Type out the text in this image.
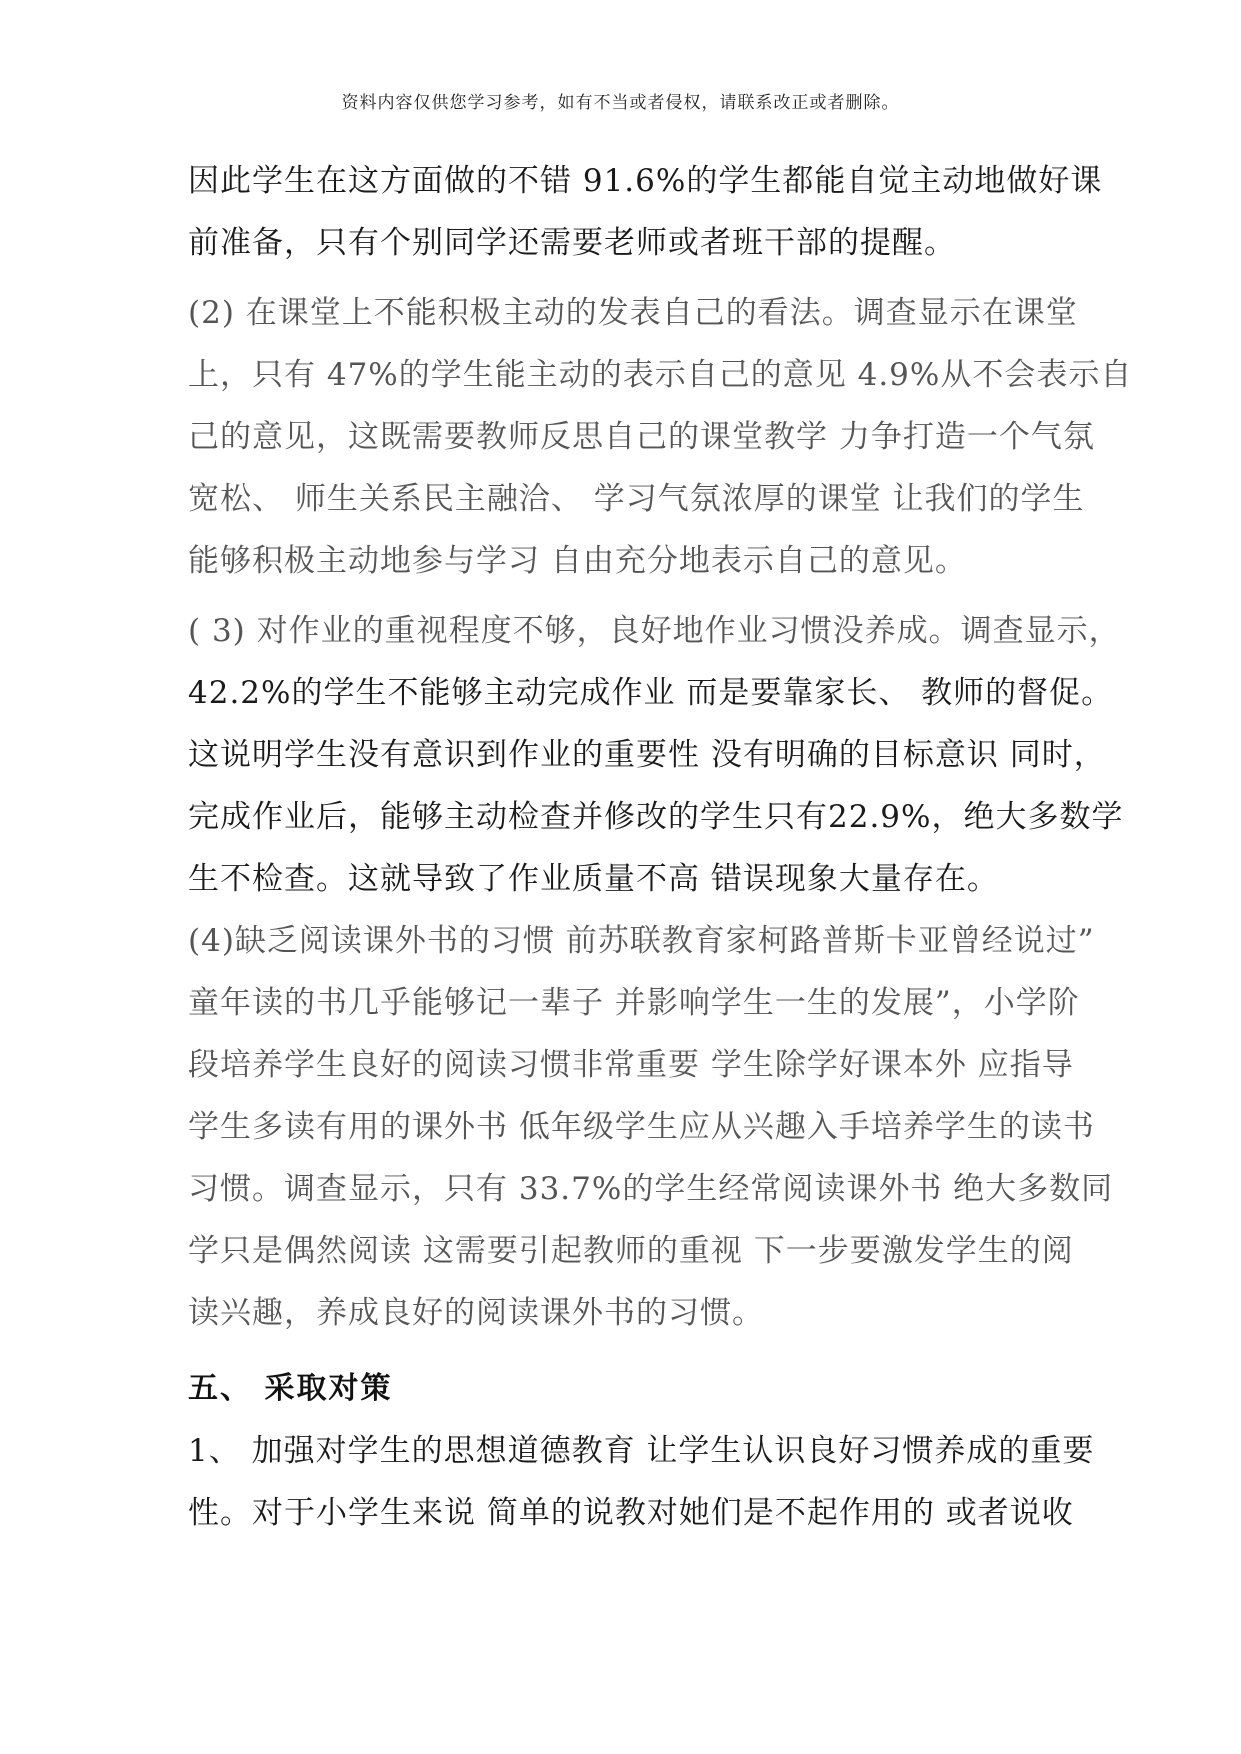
资料内容仅供您学习参考，如有不当或者侵权，请联系改正或者删除。
因此学生在这方面做的不错 91.6%的学生都能自觉主动地做好课
前准备，只有个别同学还需要老师或者班干部的提醒。
(2) 在课堂上不能积极主动的发表自己的看法。调查显示在课堂
上，只有 47%的学生能主动的表示自己的意见 4.9%从不会表示自
己的意见，这既需要教师反思自己的课堂教学 力争打造一个气氛
宽松、 师生关系民主融洽、 学习气氛浓厚的课堂 让我们的学生
能够积极主动地参与学习 自由充分地表示自己的意见。
( 3) 对作业的重视程度不够，良好地作业习惯没养成。调查显示，
42.2%的学生不能够主动完成作业 而是要靠家长、 教师的督促。
这说明学生没有意识到作业的重要性 没有明确的目标意识 同时，
完成作业后，能够主动检查并修改的学生只有22.9%，绝大多数学
生不检查。这就导致了作业质量不高 错误现象大量存在。
(4)缺乏阅读课外书的习惯 前苏联教育家柯路普斯卡亚曾经说过”
童年读的书几乎能够记一辈子 并影响学生一生的发展”，小学阶
段培养学生良好的阅读习惯非常重要 学生除学好课本外 应指导
学生多读有用的课外书 低年级学生应从兴趣入手培养学生的读书
习惯。调查显示，只有 33.7%的学生经常阅读课外书 绝大多数同
学只是偶然阅读 这需要引起教师的重视 下一步要激发学生的阅
读兴趣，养成良好的阅读课外书的习惯。
五、 采取对策
1、 加强对学生的思想道德教育 让学生认识良好习惯养成的重要
性。对于小学生来说 简单的说教对她们是不起作用的 或者说收
